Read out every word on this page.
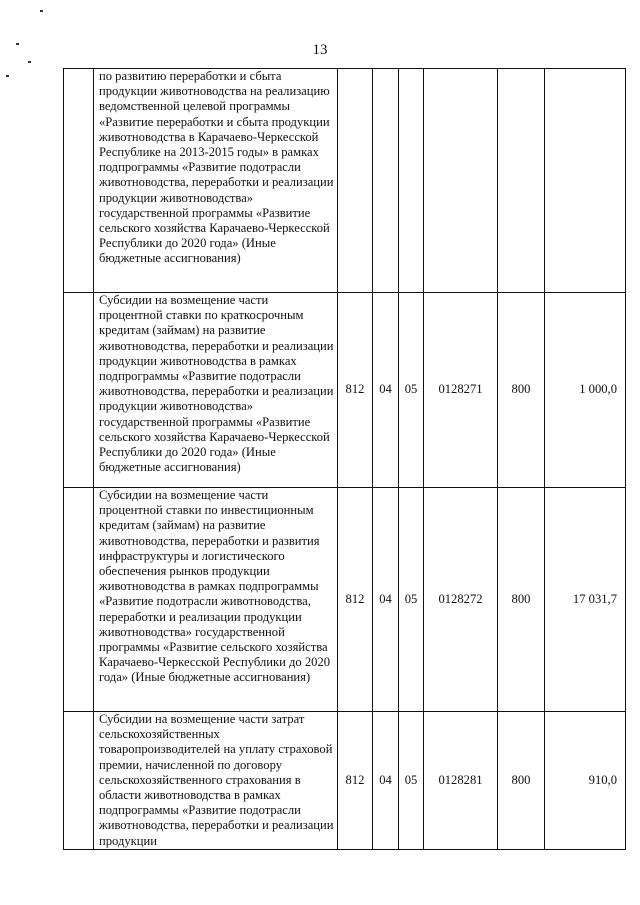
13
	по развитию переработки и сбыта продукции животноводства на реализацию ведомственной целевой программы «Развитие переработки и сбыта продукции животноводства в Карачаево-Черкесской Республике на 2013-2015 годы» в рамках подпрограммы «Развитие подотрасли животноводства, переработки и реализации продукции животноводства» государственной программы «Развитие сельского хозяйства Карачаево-Черкесской Республики до 2020 года» (Иные бюджетные ассигнования)						
	Субсидии на возмещение части процентной ставки по краткосрочным кредитам (займам) на развитие животноводства, переработки и реализации продукции животноводства в рамках подпрограммы «Развитие подотрасли животноводства, переработки и реализации продукции животноводства» государственной программы «Развитие сельского хозяйства Карачаево-Черкесской Республики до 2020 года» (Иные бюджетные ассигнования)	812	04	05	0128271	800	1 000,0
	Субсидии на возмещение части процентной ставки по инвестиционным кредитам (займам) на развитие животноводства, переработки и развития инфраструктуры и логистического обеспечения рынков продукции животноводства в рамках подпрограммы «Развитие подотрасли животноводства, переработки и реализации продукции животноводства» государственной программы «Развитие сельского хозяйства Карачаево-Черкесской Республики до 2020 года» (Иные бюджетные ассигнования)	812	04	05	0128272	800	17 031,7
	Субсидии на возмещение части затрат сельскохозяйственных товаропроизводителей на уплату страховой премии, начисленной по договору сельскохозяйственного страхования в области животноводства в рамках подпрограммы «Развитие подотрасли животноводства, переработки и реализации продукции	812	04	05	0128281	800	910,0
